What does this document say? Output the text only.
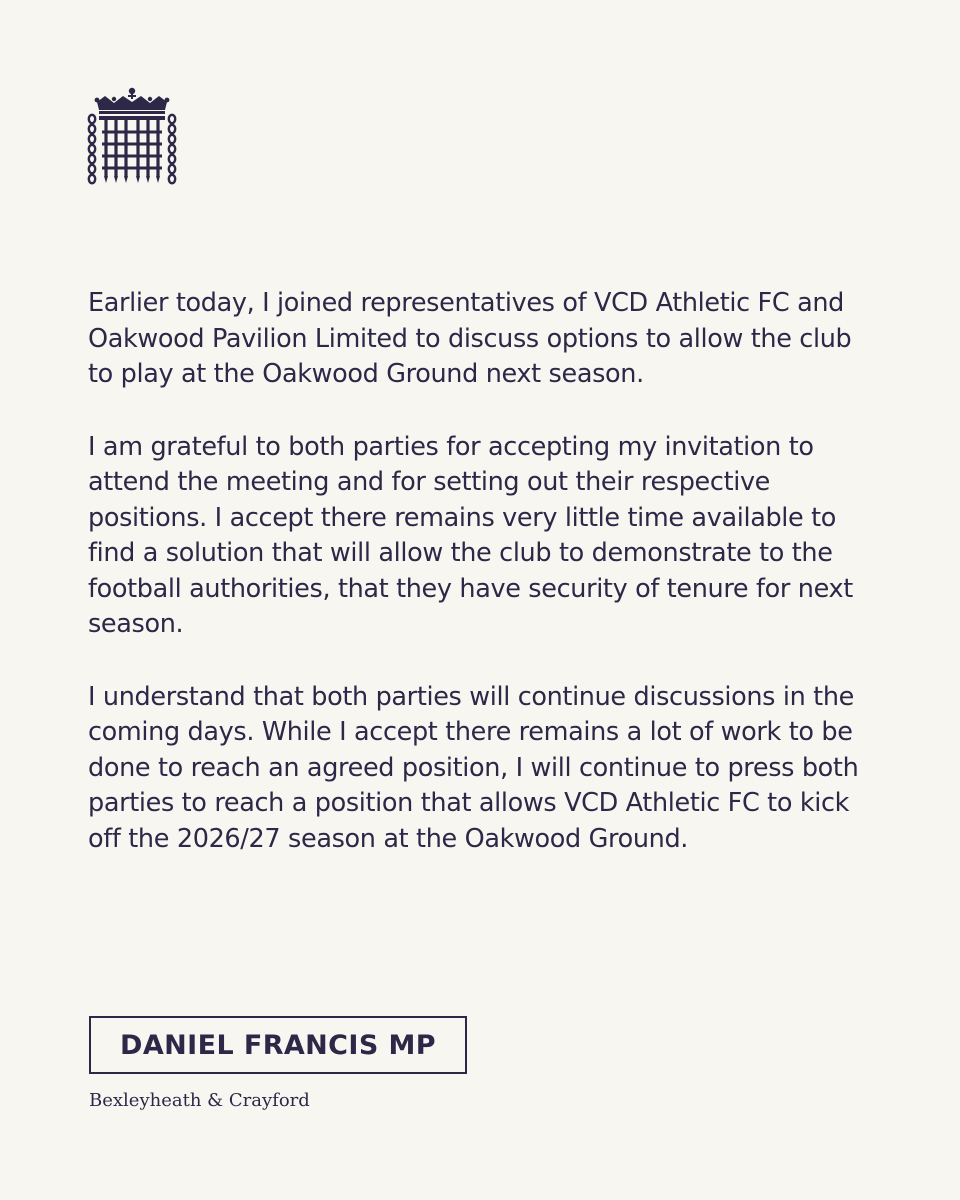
Earlier today, I joined representatives of VCD Athletic FC and Oakwood Pavilion Limited to discuss options to allow the club to play at the Oakwood Ground next season.

I am grateful to both parties for accepting my invitation to attend the meeting and for setting out their respective positions. I accept there remains very little time available to find a solution that will allow the club to demonstrate to the football authorities, that they have security of tenure for next season.

I understand that both parties will continue discussions in the coming days. While I accept there remains a lot of work to be done to reach an agreed position, I will continue to press both parties to reach a position that allows VCD Athletic FC to kick off the 2026/27 season at the Oakwood Ground.

DANIEL FRANCIS MP
Bexleyheath & Crayford
